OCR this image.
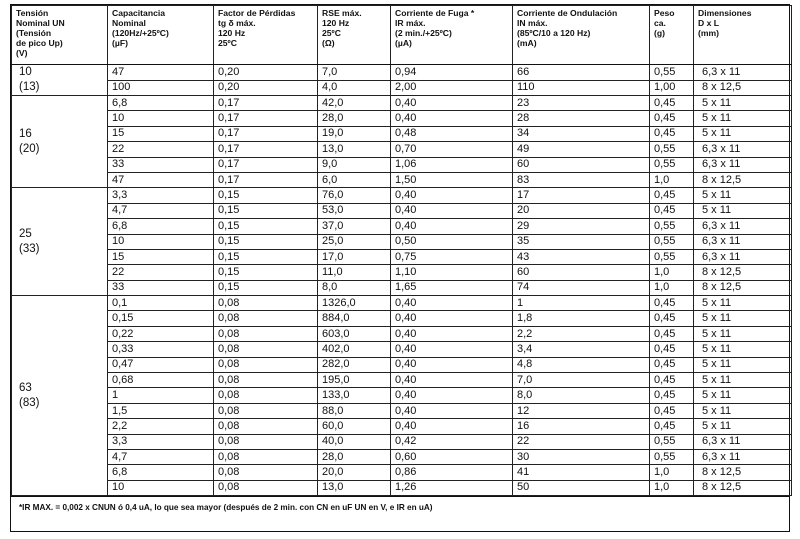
Tensión
Nominal UN
(Tensión
de pico Up)
(V)	Capacitancia
Nominal
(120Hz/+25ºC)
(µF)	Factor de Pérdidas
tg δ máx.
120 Hz
25ºC	RSE máx.
120 Hz
25ºC
(Ω)	Corriente de Fuga *
IR máx.
(2 min./+25ºC)
(µA)	Corriente de Ondulación
IN máx.
(85ºC/10 a 120 Hz)
(mA)	Peso
ca.
(g)	Dimensiones
D x L
(mm)

10
(13)	47	0,20	7,0	0,94	66	0,55	6,3 x 11
	100	0,20	4,0	2,00	110	1,00	8 x 12,5

16
(20)	6,8	0,17	42,0	0,40	23	0,45	5 x 11
	10	0,17	28,0	0,40	28	0,45	5 x 11
	15	0,17	19,0	0,48	34	0,45	5 x 11
	22	0,17	13,0	0,70	49	0,55	6,3 x 11
	33	0,17	9,0	1,06	60	0,55	6,3 x 11
	47	0,17	6,0	1,50	83	1,0	8 x 12,5

25
(33)	3,3	0,15	76,0	0,40	17	0,45	5 x 11
	4,7	0,15	53,0	0,40	20	0,45	5 x 11
	6,8	0,15	37,0	0,40	29	0,55	6,3 x 11
	10	0,15	25,0	0,50	35	0,55	6,3 x 11
	15	0,15	17,0	0,75	43	0,55	6,3 x 11
	22	0,15	11,0	1,10	60	1,0	8 x 12,5
	33	0,15	8,0	1,65	74	1,0	8 x 12,5

63
(83)	0,1	0,08	1326,0	0,40	1	0,45	5 x 11
	0,15	0,08	884,0	0,40	1,8	0,45	5 x 11
	0,22	0,08	603,0	0,40	2,2	0,45	5 x 11
	0,33	0,08	402,0	0,40	3,4	0,45	5 x 11
	0,47	0,08	282,0	0,40	4,8	0,45	5 x 11
	0,68	0,08	195,0	0,40	7,0	0,45	5 x 11
	1	0,08	133,0	0,40	8,0	0,45	5 x 11
	1,5	0,08	88,0	0,40	12	0,45	5 x 11
	2,2	0,08	60,0	0,40	16	0,45	5 x 11
	3,3	0,08	40,0	0,42	22	0,55	6,3 x 11
	4,7	0,08	28,0	0,60	30	0,55	6,3 x 11
	6,8	0,08	20,0	0,86	41	1,0	8 x 12,5
	10	0,08	13,0	1,26	50	1,0	8 x 12,5
*IR MAX. = 0,002 x CNUN ó 0,4 uA, lo que sea mayor (después de 2 min. con CN en uF UN en V, e IR en uA)
